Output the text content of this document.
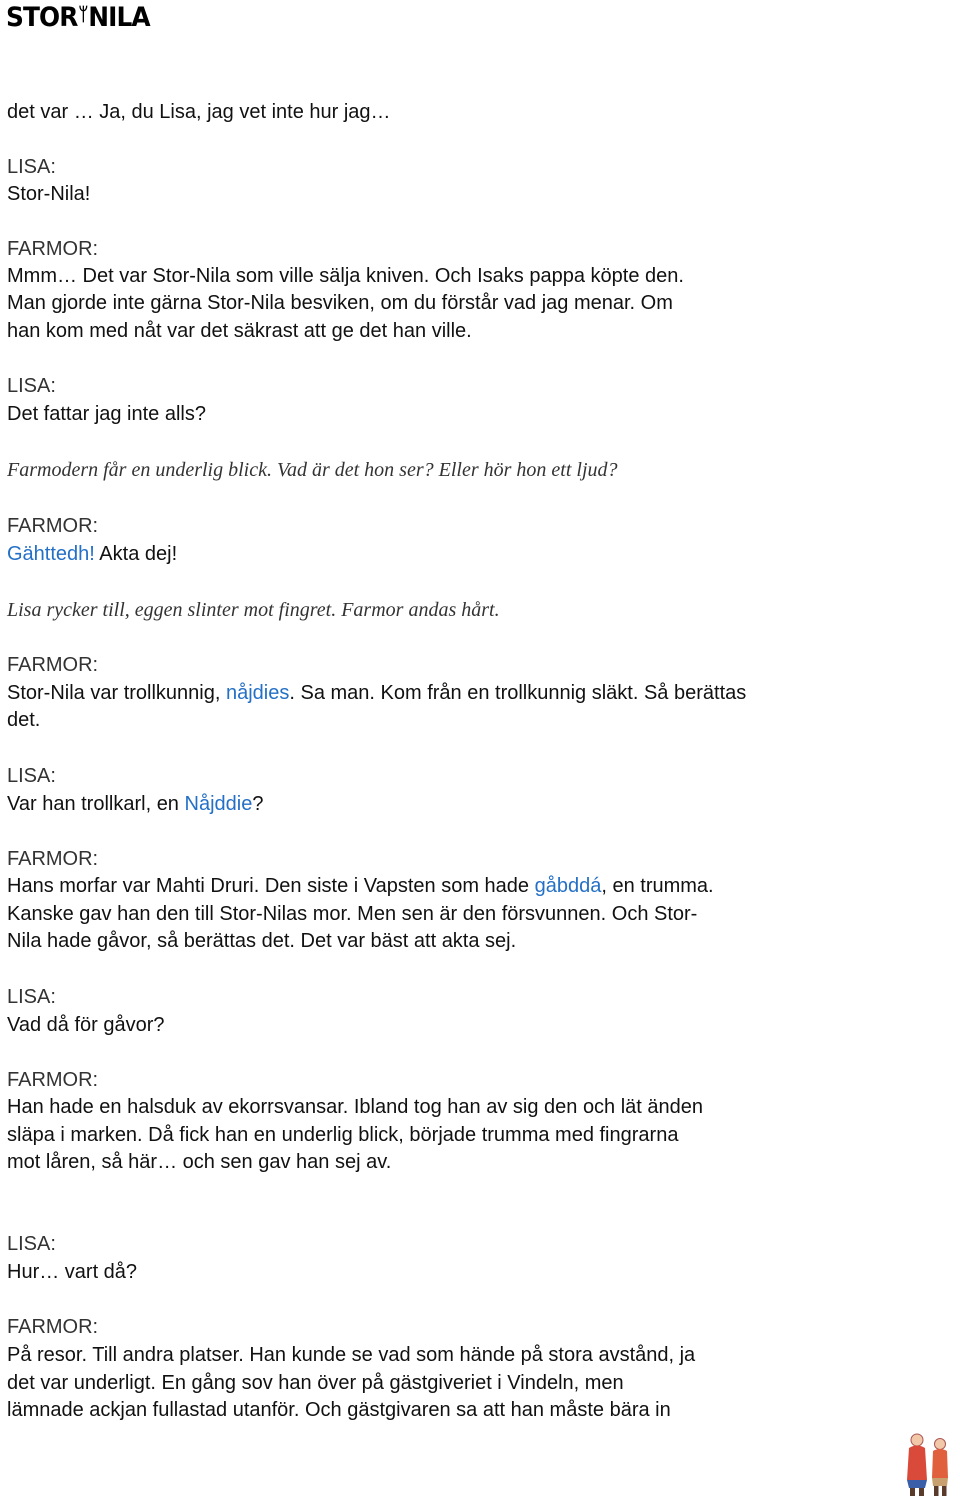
$STOR^ᛘNILA$
det var … Ja, du Lisa, jag vet inte hur jag…
LISA:
Stor-Nila!
FARMOR:
Mmm… Det var Stor-Nila som ville sälja kniven. Och Isaks pappa köpte den.
Man gjorde inte gärna Stor-Nila besviken, om du förstår vad jag menar. Om
han kom med nåt var det säkrast att ge det han ville.
LISA:
Det fattar jag inte alls?
Farmodern får en underlig blick. Vad är det hon ser? Eller hör hon ett ljud?
FARMOR:
Gähttedh! Akta dej!
Lisa rycker till, eggen slinter mot fingret. Farmor andas hårt.
FARMOR:
Stor-Nila var trollkunnig, nåjdies. Sa man. Kom från en trollkunnig släkt. Så berättas
det.
LISA:
Var han trollkarl, en Nåjddie?
FARMOR:
Hans morfar var Mahti Druri. Den siste i Vapsten som hade gåbddá, en trumma.
Kanske gav han den till Stor-Nilas mor. Men sen är den försvunnen. Och Stor-
Nila hade gåvor, så berättas det. Det var bäst att akta sej.
LISA:
Vad då för gåvor?
FARMOR:
Han hade en halsduk av ekorrsvansar. Ibland tog han av sig den och lät änden
släpa i marken. Då fick han en underlig blick, började trumma med fingrarna
mot låren, så här… och sen gav han sej av.
LISA:
Hur… vart då?
FARMOR:
På resor. Till andra platser. Han kunde se vad som hände på stora avstånd, ja
det var underligt. En gång sov han över på gästgiveriet i Vindeln, men
lämnade ackjan fullastad utanför. Och gästgivaren sa att han måste bära in
